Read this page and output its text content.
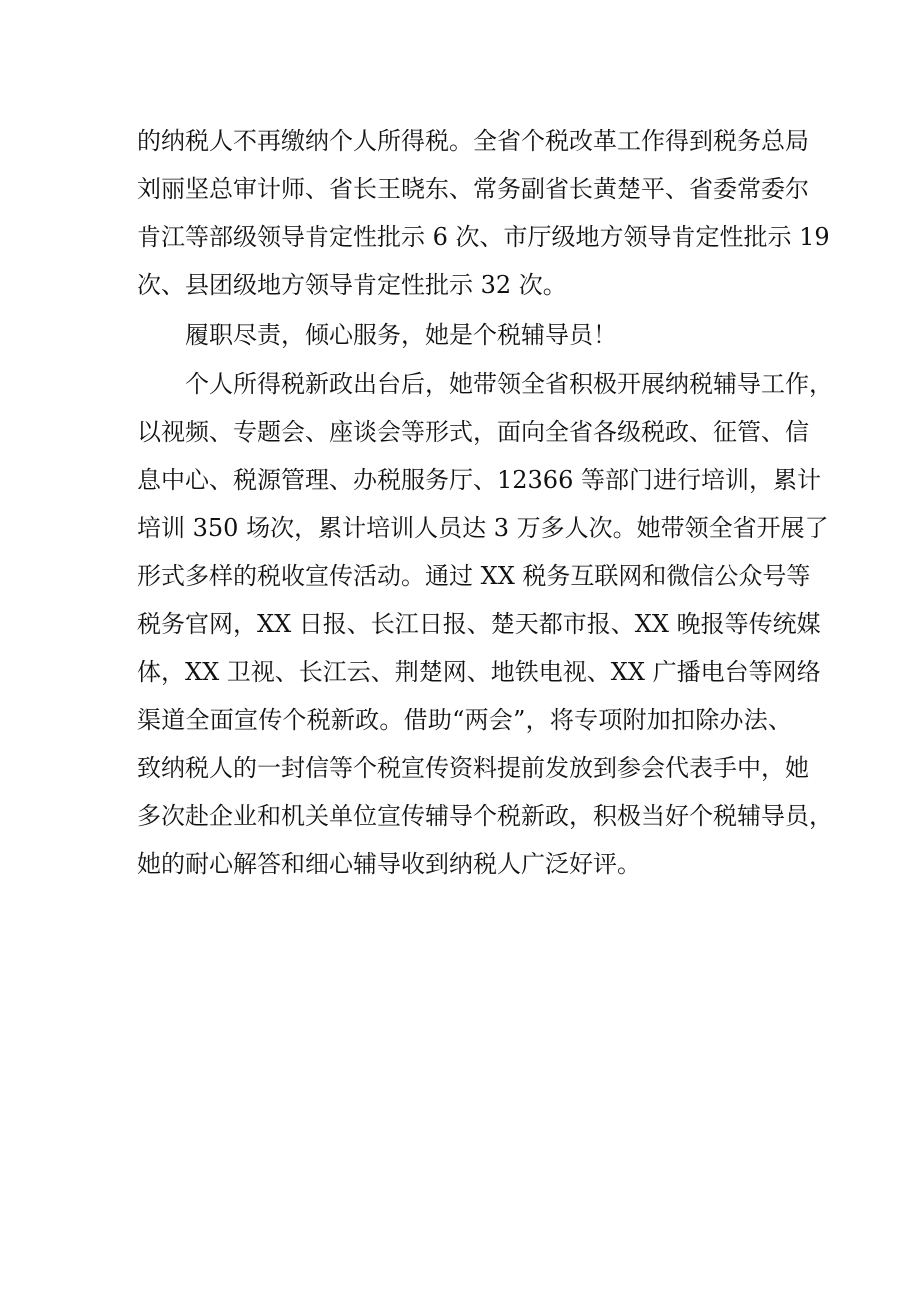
的纳税人不再缴纳个人所得税。全省个税改革工作得到税务总局
刘丽坚总审计师、省长王晓东、常务副省长黄楚平、省委常委尔
肯江等部级领导肯定性批示 6 次、市厅级地方领导肯定性批示 19
次、县团级地方领导肯定性批示 32 次。
履职尽责，倾心服务，她是个税辅导员！
个人所得税新政出台后，她带领全省积极开展纳税辅导工作，
以视频、专题会、座谈会等形式，面向全省各级税政、征管、信
息中心、税源管理、办税服务厅、12366 等部门进行培训，累计
培训 350 场次，累计培训人员达 3 万多人次。她带领全省开展了
形式多样的税收宣传活动。通过 XX 税务互联网和微信公众号等
税务官网，XX 日报、长江日报、楚天都市报、XX 晚报等传统媒
体，XX 卫视、长江云、荆楚网、地铁电视、XX 广播电台等网络
渠道全面宣传个税新政。借助“两会”，将专项附加扣除办法、
致纳税人的一封信等个税宣传资料提前发放到参会代表手中，她
多次赴企业和机关单位宣传辅导个税新政，积极当好个税辅导员，
她的耐心解答和细心辅导收到纳税人广泛好评。
